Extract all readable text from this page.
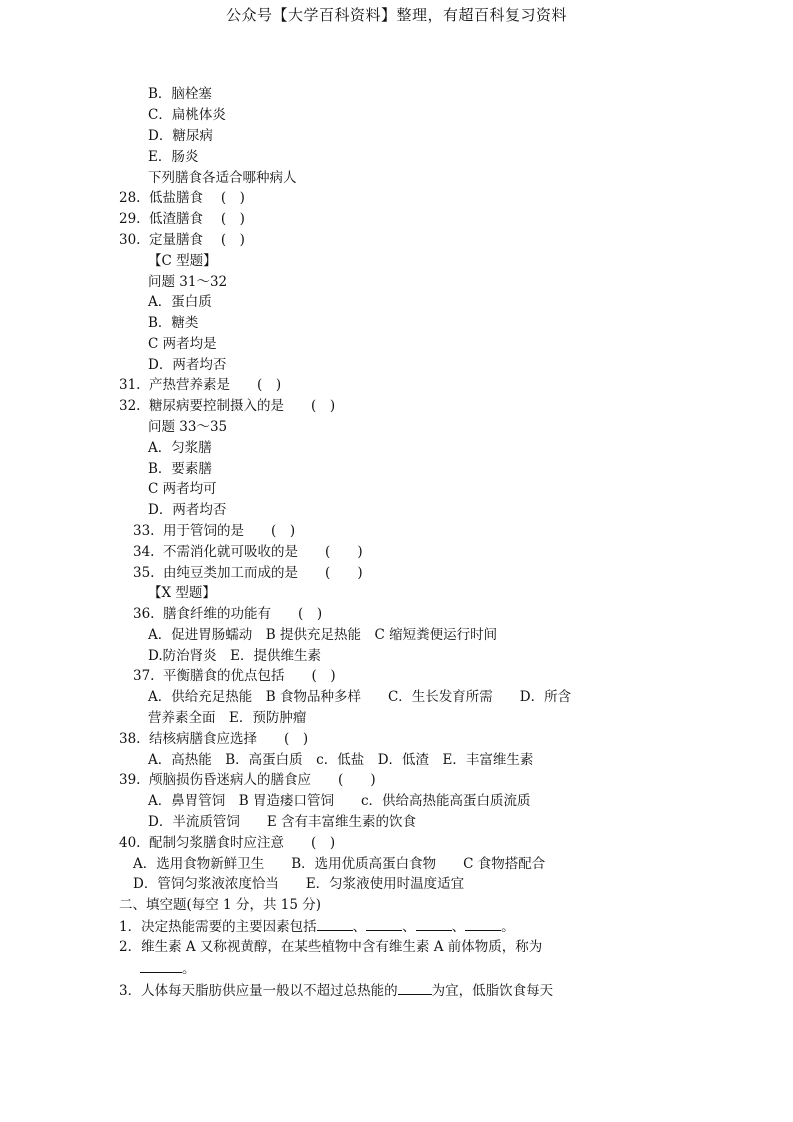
公众号【大学百科资料】整理，有超百科复习资料
B．脑栓塞
C．扁桃体炎
D．糖尿病
E．肠炎
下列膳食各适合哪种病人
28.  低盐膳食　 (　)
29.  低渣膳食　 (　)
30.  定量膳食　 (　)
【C 型题】
问题 31～32
A．蛋白质
B．糖类
C 两者均是
D．两者均否
31.  产热营养素是　　(　)
32.  糖尿病要控制摄入的是　　(　)
问题 33～35
A．匀浆膳
B．要素膳
C 两者均可
D．两者均否
33.  用于管饲的是　　(　)
34.  不需消化就可吸收的是　　(　　)
35.  由纯豆类加工而成的是　　(　　)
【X 型题】
36.  膳食纤维的功能有　　(　)
A．促进胃肠蠕动　B 提供充足热能　C 缩短粪便运行时间
D.防治肾炎　E．提供维生素
37.  平衡膳食的优点包括　　(　)
A．供给充足热能　B 食物品种多样　　C．生长发育所需　　D．所含
营养素全面　E．预防肿瘤
38.  结核病膳食应选择　　(　)
A．高热能　B．高蛋白质　c．低盐　D．低渣　E．丰富维生素
39.  颅脑损伤昏迷病人的膳食应　　(　　)
A．鼻胃管饲　B 胃造瘘口管饲　　c．供给高热能高蛋白质流质
D．半流质管饲　　E 含有丰富维生素的饮食
40.  配制匀浆膳食时应注意　　(　)
A．选用食物新鲜卫生　　B．选用优质高蛋白食物　　C 食物搭配合
D．管饲匀浆液浓度恰当　　E．匀浆液使用时温度适宜
二、填空题(每空 1 分，共 15 分)
1．决定热能需要的主要因素包括	、	、	、	。
2．维生素 A 又称视黄醇，在某些植物中含有维生素 A 前体物质，称为
。
3．人体每天脂肪供应量一般以不超过总热能的	为宜，低脂饮食每天
